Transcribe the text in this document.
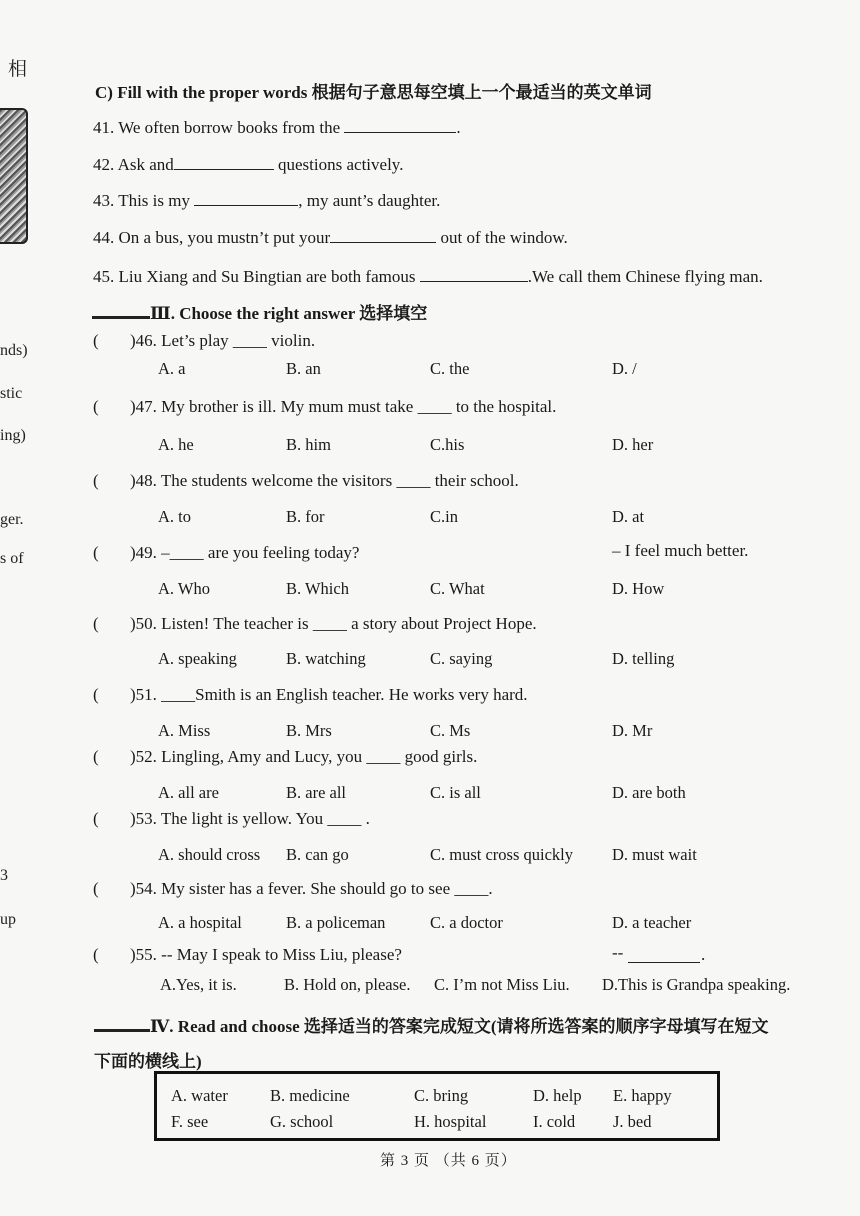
相
nds)
stic
ing)
ger.
s of
3
up
C) Fill with the proper words 根据句子意思每空填上一个最适当的英文单词
41. We often borrow books from the	.
42. Ask and	questions actively.
43. This is my	, my aunt’s daughter.
44. On a bus, you mustn’t put your	out of the window.
45. Liu Xiang and Su Bingtian are both famous	.We call them Chinese flying man.
Ⅲ. Choose the right answer 选择填空
( )46. Let’s play ____ violin.
A. a	B. an	C. the	D. /
( )47. My brother is ill. My mum must take ____ to the hospital.
A. he	B. him	C.his	D. her
( )48. The students welcome the visitors ____ their school.
A. to	B. for	C.in	D. at
( )49. –____ are you feeling today?	– I feel much better.
A. Who	B. Which	C. What	D. How
( )50. Listen! The teacher is ____ a story about Project Hope.
A. speaking	B. watching	C. saying	D. telling
( )51. ____Smith is an English teacher. He works very hard.
A. Miss	B. Mrs	C. Ms	D. Mr
( )52. Lingling, Amy and Lucy, you ____ good girls.
A. all are	B. are all	C. is all	D. are both
( )53. The light is yellow. You ____ .
A. should cross B. can go	C. must cross quickly D. must wait
( )54. My sister has a fever. She should go to see ____.
A. a hospital	B. a policeman	C. a doctor	D. a teacher
( )55. -- May I speak to Miss Liu, please?	--	.
A.Yes, it is.	B. Hold on, please. C. I’m not Miss Liu. D.This is Grandpa speaking.
Ⅳ. Read and choose 选择适当的答案完成短文(请将所选答案的顺序字母填写在短文
下面的横线上)
A. water	B. medicine	C. bring	D. help E. happy
F. see	G. school	H. hospital	I. cold J. bed
第 3 页 （共 6 页）
